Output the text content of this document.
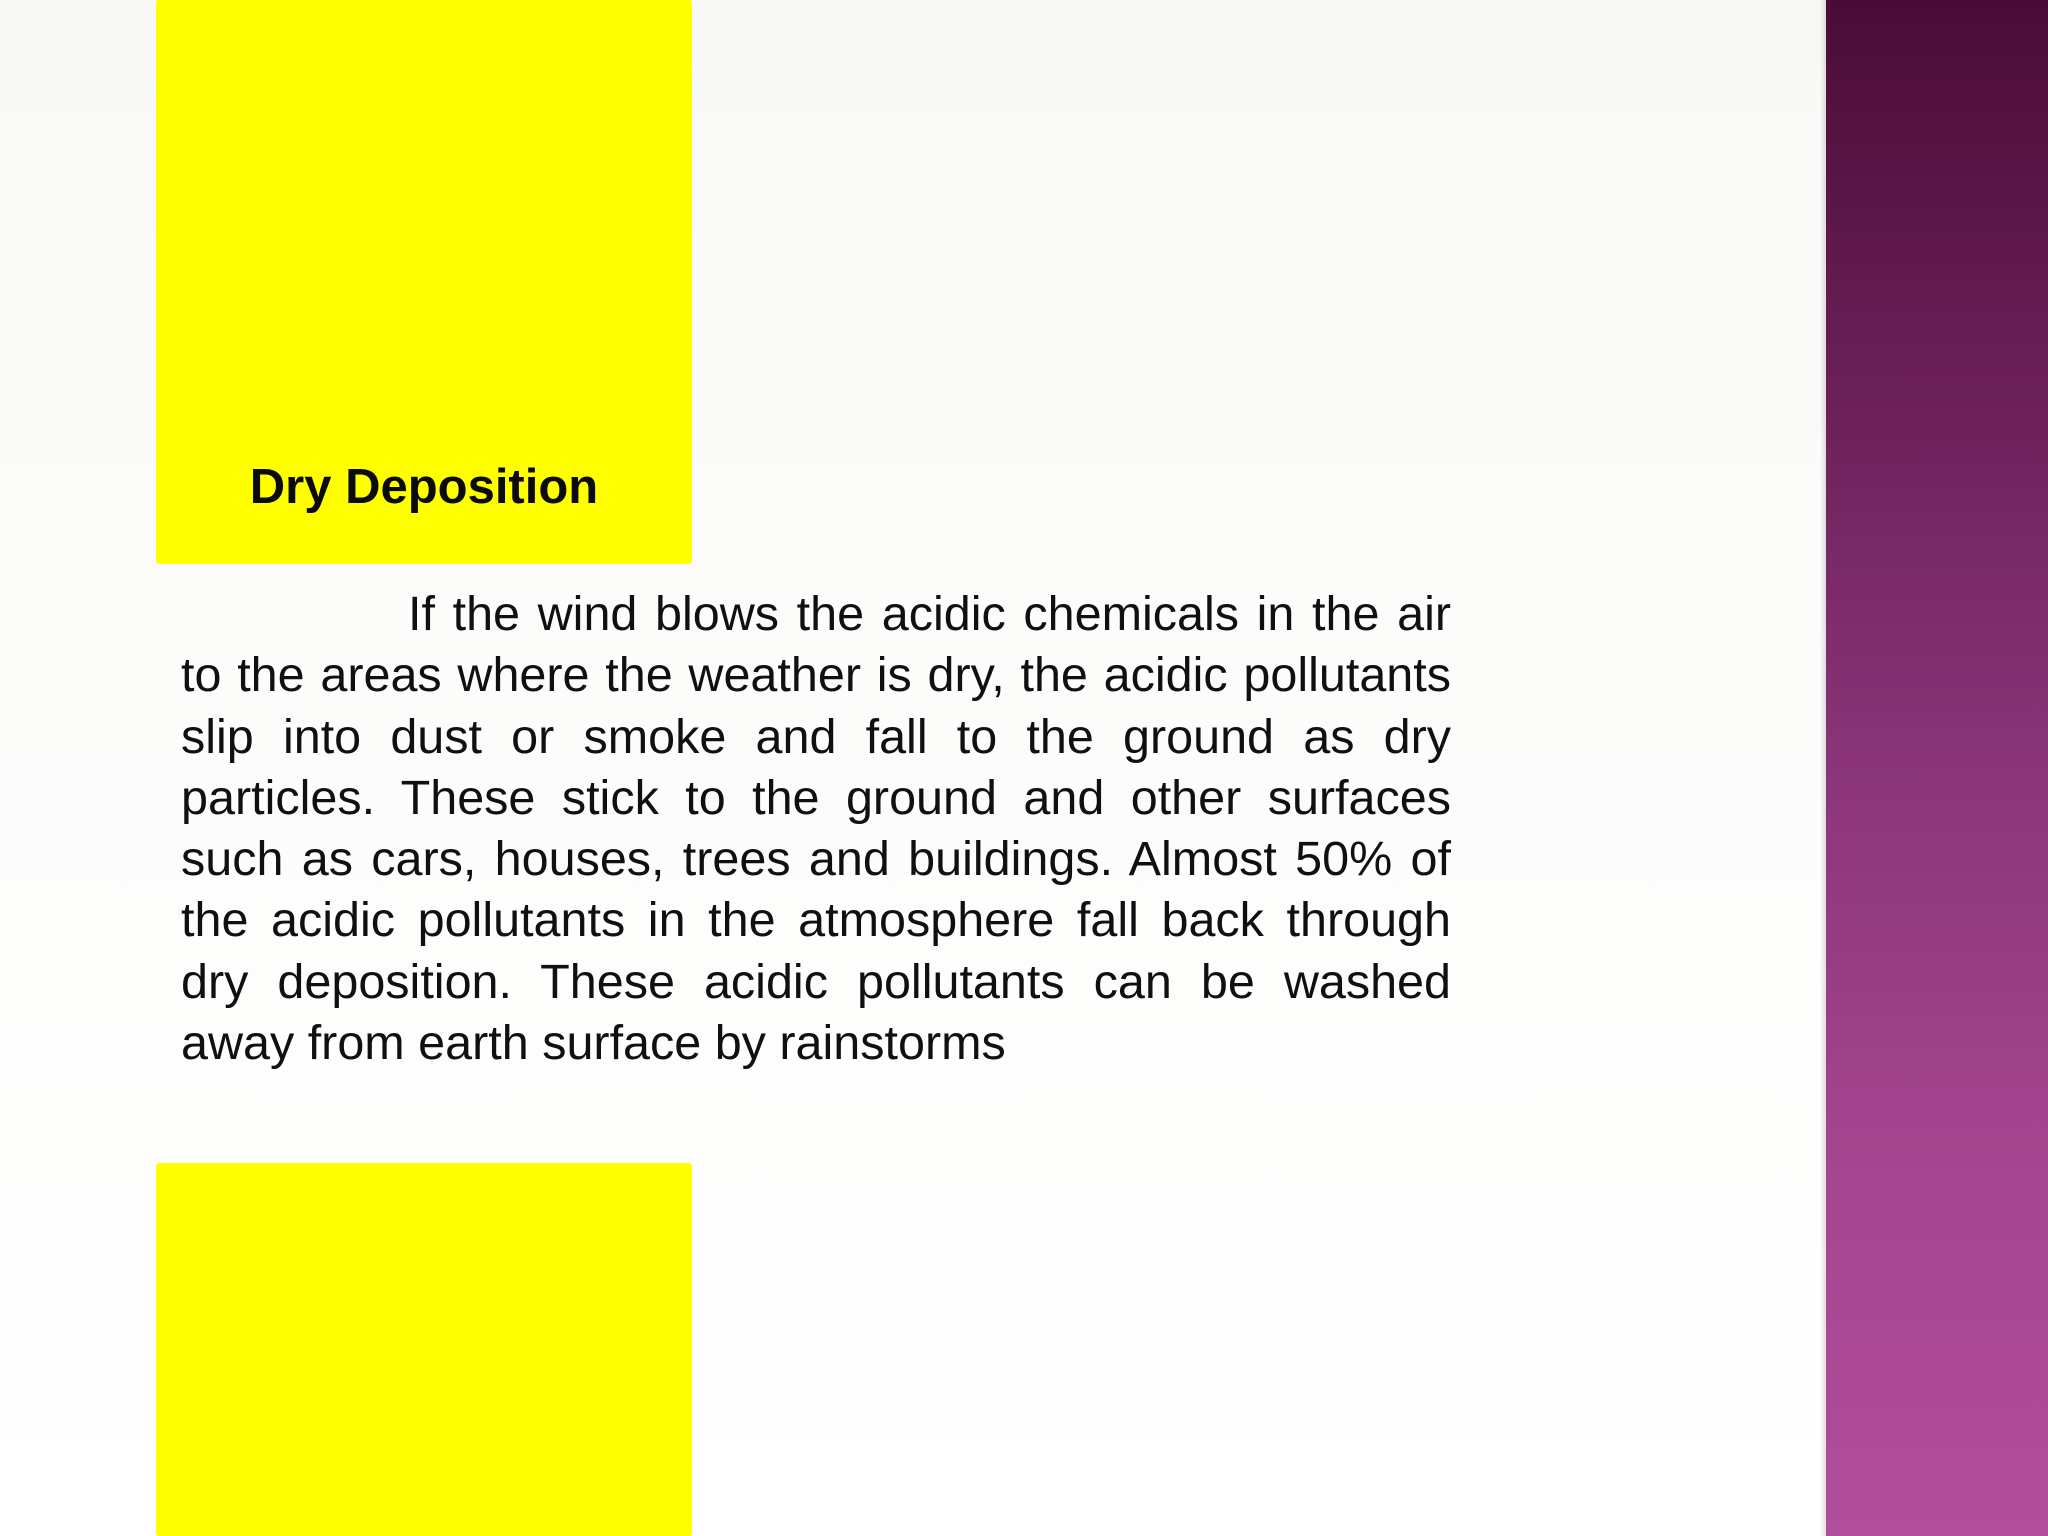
Dry Deposition

If the wind blows the acidic chemicals in the air to the areas where the weather is dry, the acidic pollutants slip into dust or smoke and fall to the ground as dry particles. These stick to the ground and other surfaces such as cars, houses, trees and buildings. Almost 50% of the acidic pollutants in the atmosphere fall back through dry deposition. These acidic pollutants can be washed away from earth surface by rainstorms
